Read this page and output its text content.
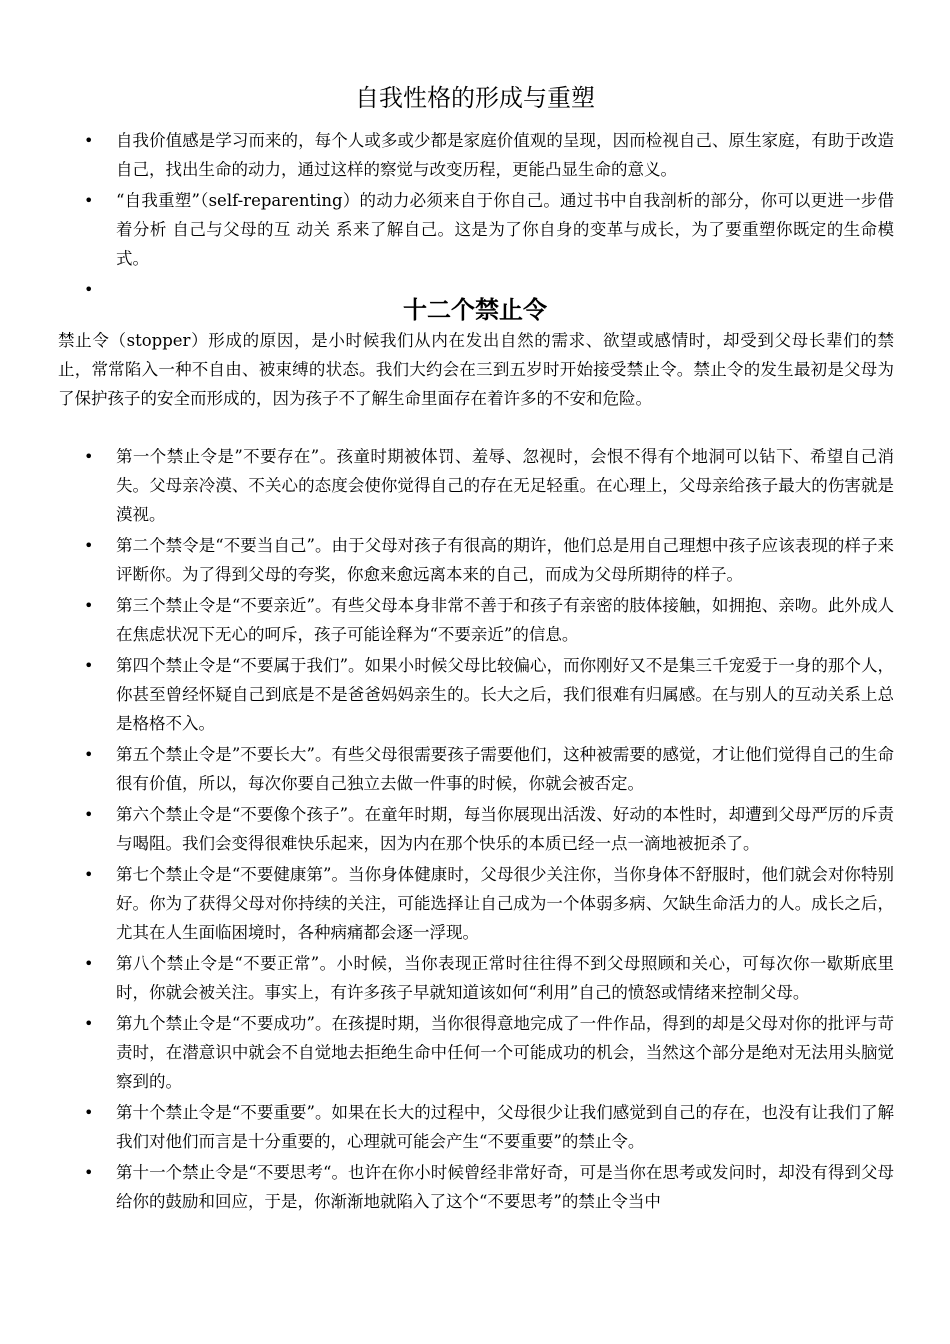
自我性格的形成与重塑
• 自我价值感是学习而来的，每个人或多或少都是家庭价值观的呈现，因而检视自己、原生家庭，有助于改造自己，找出生命的动力，通过这样的察觉与改变历程，更能凸显生命的意义。
• “自我重塑”（self-reparenting）的动力必须来自于你自己。通过书中自我剖析的部分，你可以更进一步借着分析 自己与父母的互 动关 系来了解自己。这是为了你自身的变革与成长，为了要重塑你既定的生命模式。
•

十二个禁止令

禁止令（stopper）形成的原因，是小时候我们从内在发出自然的需求、欲望或感情时，却受到父母长辈们的禁止，常常陷入一种不自由、被束缚的状态。我们大约会在三到五岁时开始接受禁止令。禁止令的发生最初是父母为了保护孩子的安全而形成的，因为孩子不了解生命里面存在着许多的不安和危险。

• 第一个禁止令是”不要存在”。孩童时期被体罚、羞辱、忽视时，会恨不得有个地洞可以钻下、希望自己消失。父母亲冷漠、不关心的态度会使你觉得自己的存在无足轻重。在心理上，父母亲给孩子最大的伤害就是漠视。
• 第二个禁令是“不要当自己”。由于父母对孩子有很高的期许，他们总是用自己理想中孩子应该表现的样子来评断你。为了得到父母的夸奖，你愈来愈远离本来的自己，而成为父母所期待的样子。
• 第三个禁止令是“不要亲近”。有些父母本身非常不善于和孩子有亲密的肢体接触，如拥抱、亲吻。此外成人在焦虑状况下无心的呵斥，孩子可能诠释为“不要亲近”的信息。
• 第四个禁止令是“不要属于我们”。如果小时候父母比较偏心，而你刚好又不是集三千宠爱于一身的那个人，你甚至曾经怀疑自己到底是不是爸爸妈妈亲生的。长大之后，我们很难有归属感。在与别人的互动关系上总是格格不入。
• 第五个禁止令是”不要长大”。有些父母很需要孩子需要他们，这种被需要的感觉，才让他们觉得自己的生命很有价值，所以，每次你要自己独立去做一件事的时候，你就会被否定。
• 第六个禁止令是“不要像个孩子”。在童年时期，每当你展现出活泼、好动的本性时，却遭到父母严厉的斥责与喝阻。我们会变得很难快乐起来，因为内在那个快乐的本质已经一点一滴地被扼杀了。
• 第七个禁止令是“不要健康第”。当你身体健康时，父母很少关注你，当你身体不舒服时，他们就会对你特别好。你为了获得父母对你持续的关注，可能选择让自己成为一个体弱多病、欠缺生命活力的人。成长之后，尤其在人生面临困境时，各种病痛都会逐一浮现。
• 第八个禁止令是“不要正常”。小时候，当你表现正常时往往得不到父母照顾和关心，可每次你一歇斯底里时，你就会被关注。事实上，有许多孩子早就知道该如何“利用”自己的愤怒或情绪来控制父母。
• 第九个禁止令是“不要成功”。在孩提时期，当你很得意地完成了一件作品，得到的却是父母对你的批评与苛责时，在潜意识中就会不自觉地去拒绝生命中任何一个可能成功的机会，当然这个部分是绝对无法用头脑觉察到的。
• 第十个禁止令是“不要重要”。如果在长大的过程中，父母很少让我们感觉到自己的存在，也没有让我们了解我们对他们而言是十分重要的，心理就可能会产生“不要重要”的禁止令。
• 第十一个禁止令是“不要思考“。也许在你小时候曾经非常好奇，可是当你在思考或发问时，却没有得到父母给你的鼓励和回应，于是，你渐渐地就陷入了这个“不要思考”的禁止令当中
